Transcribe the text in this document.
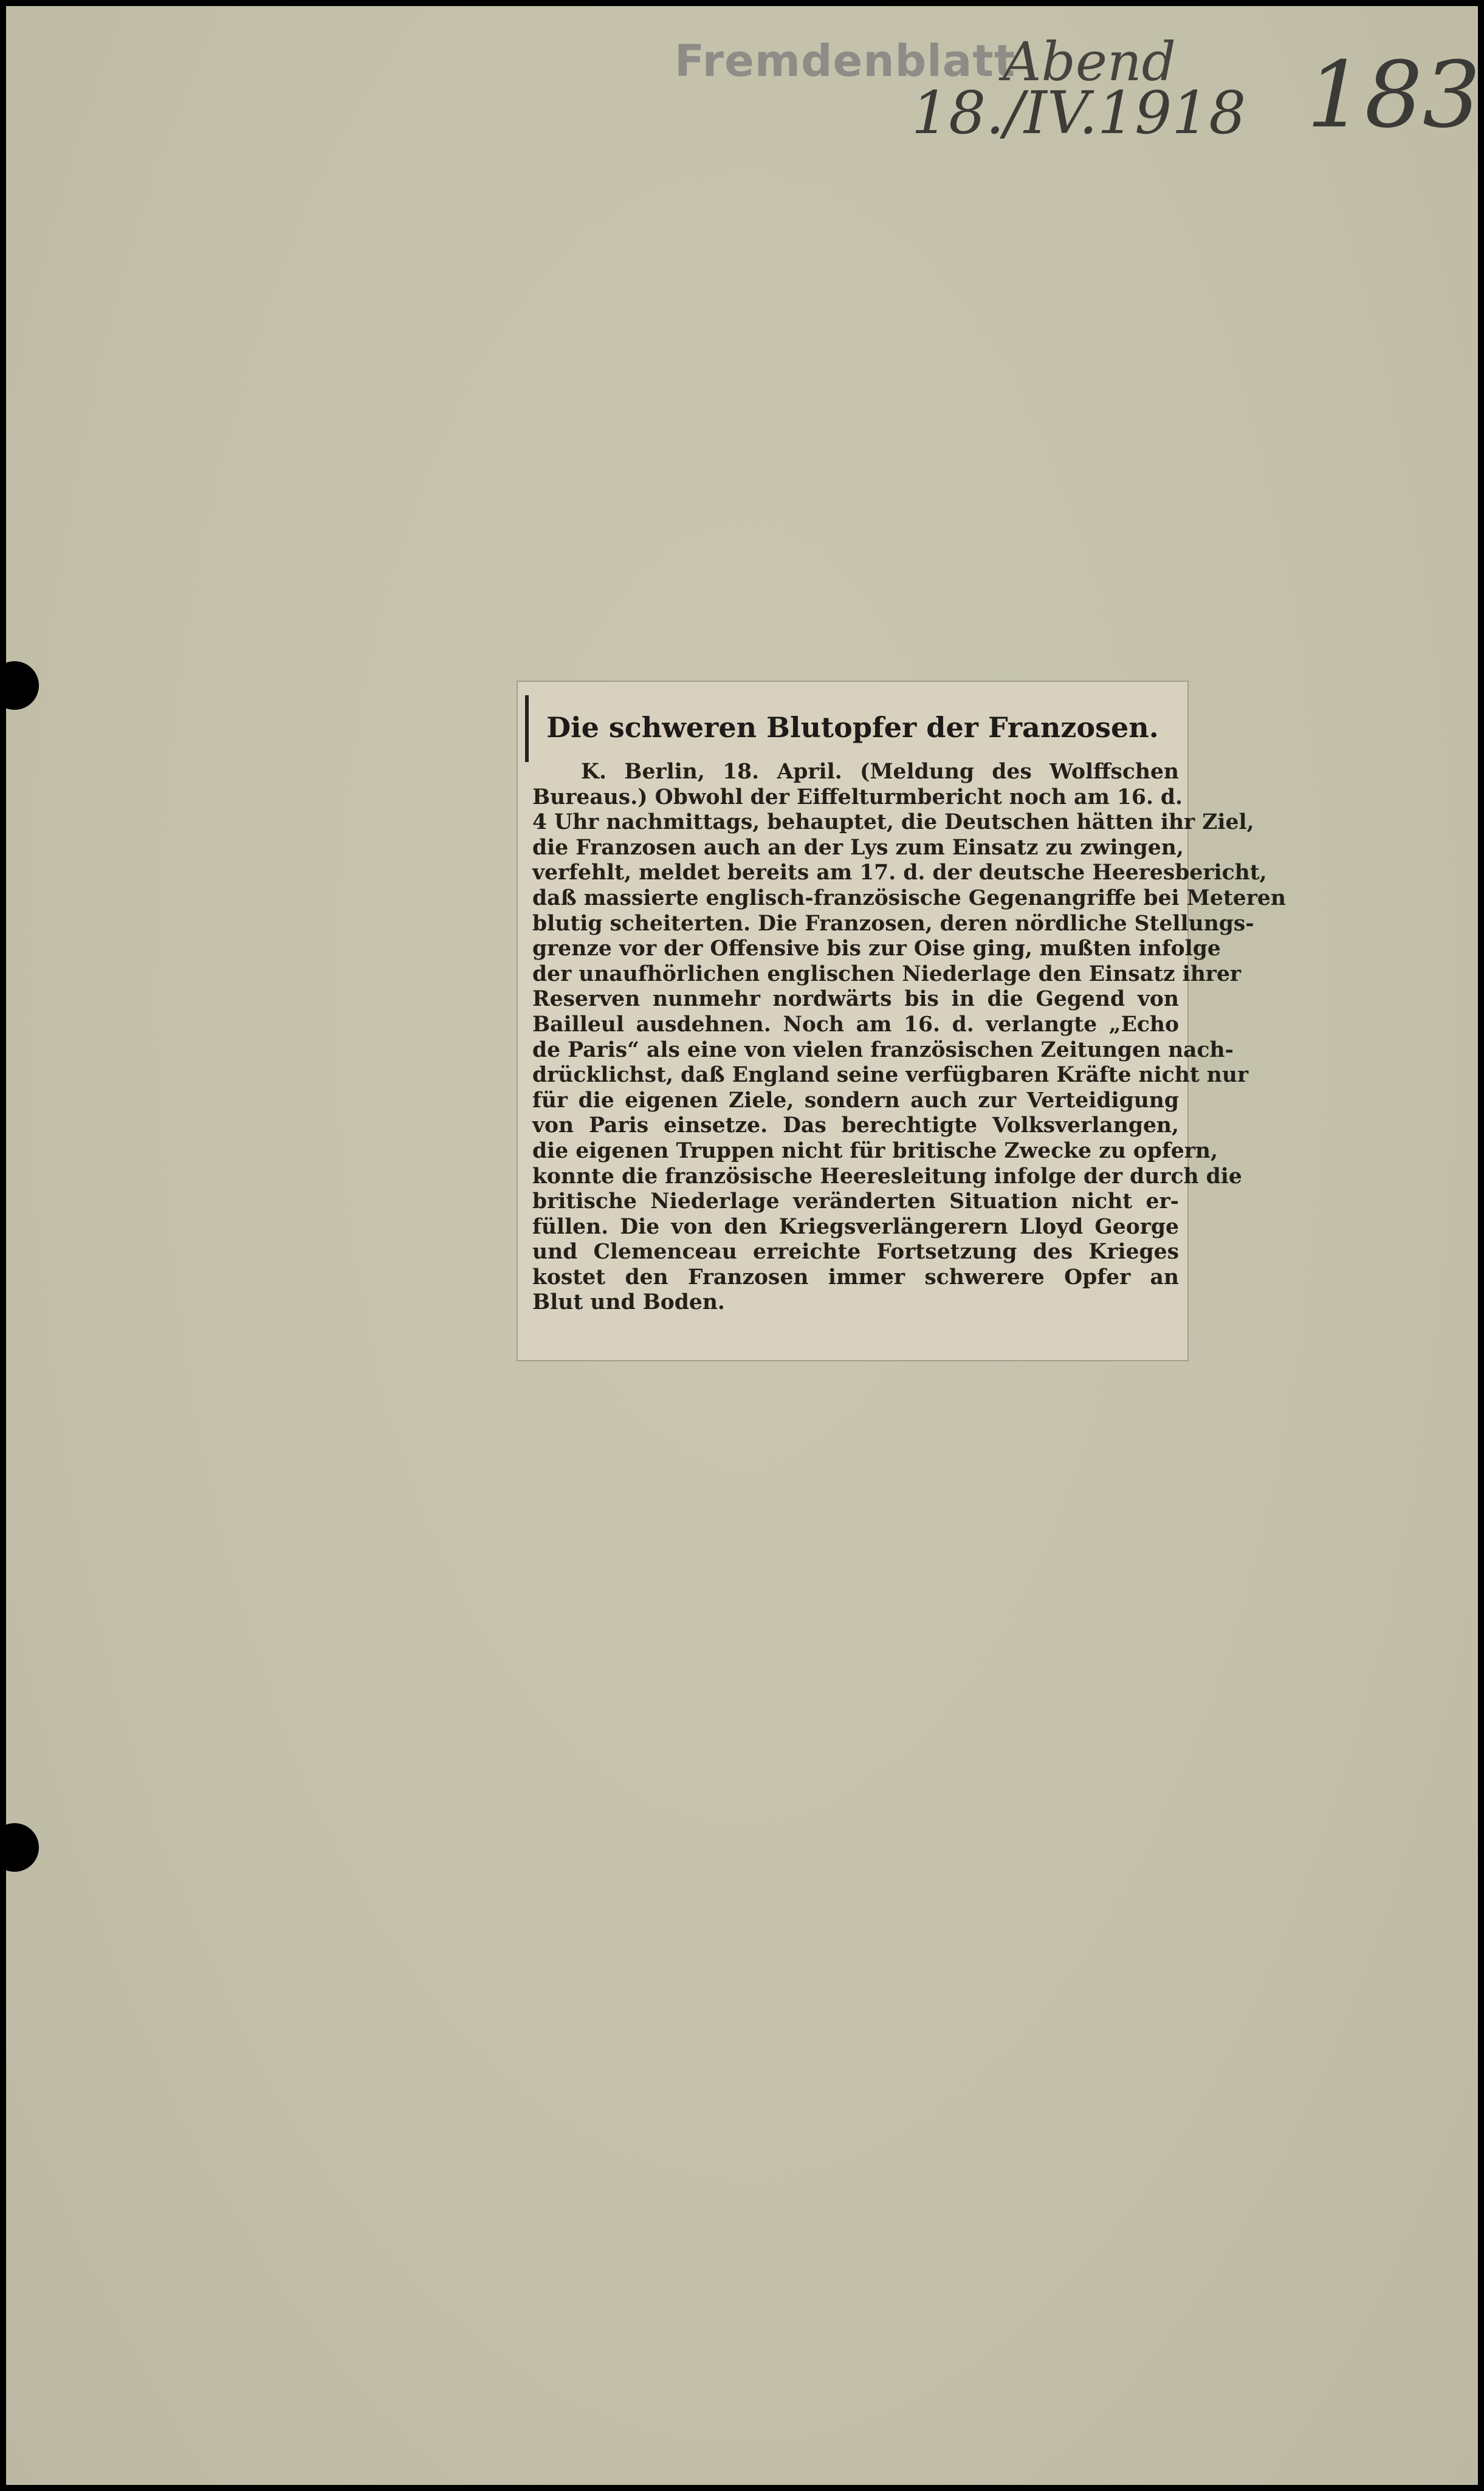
Fremdenblatt
Abend
18./IV.1918 183
Die schweren Blutopfer der Franzosen.
K. Berlin, 18. April. (Meldung des Wolffschen
Bureaus.) Obwohl der Eiffelturmbericht noch am 16. d.
4 Uhr nachmittags, behauptet, die Deutschen hätten ihr Ziel,
die Franzosen auch an der Lys zum Einsatz zu zwingen,
verfehlt, meldet bereits am 17. d. der deutsche Heeresbericht,
daß massierte englisch-französische Gegenangriffe bei Meteren
blutig scheiterten. Die Franzosen, deren nördliche Stellungs-
grenze vor der Offensive bis zur Oise ging, mußten infolge
der unaufhörlichen englischen Niederlage den Einsatz ihrer
Reserven nunmehr nordwärts bis in die Gegend von
Bailleul ausdehnen. Noch am 16. d. verlangte „Echo
de Paris“ als eine von vielen französischen Zeitungen nach-
drücklichst, daß England seine verfügbaren Kräfte nicht nur
für die eigenen Ziele, sondern auch zur Verteidigung
von Paris einsetze. Das berechtigte Volksverlangen,
die eigenen Truppen nicht für britische Zwecke zu opfern,
konnte die französische Heeresleitung infolge der durch die
britische Niederlage veränderten Situation nicht er-
füllen. Die von den Kriegsverlängerern Lloyd George
und Clemenceau erreichte Fortsetzung des Krieges
kostet den Franzosen immer schwerere Opfer an
Blut und Boden.
